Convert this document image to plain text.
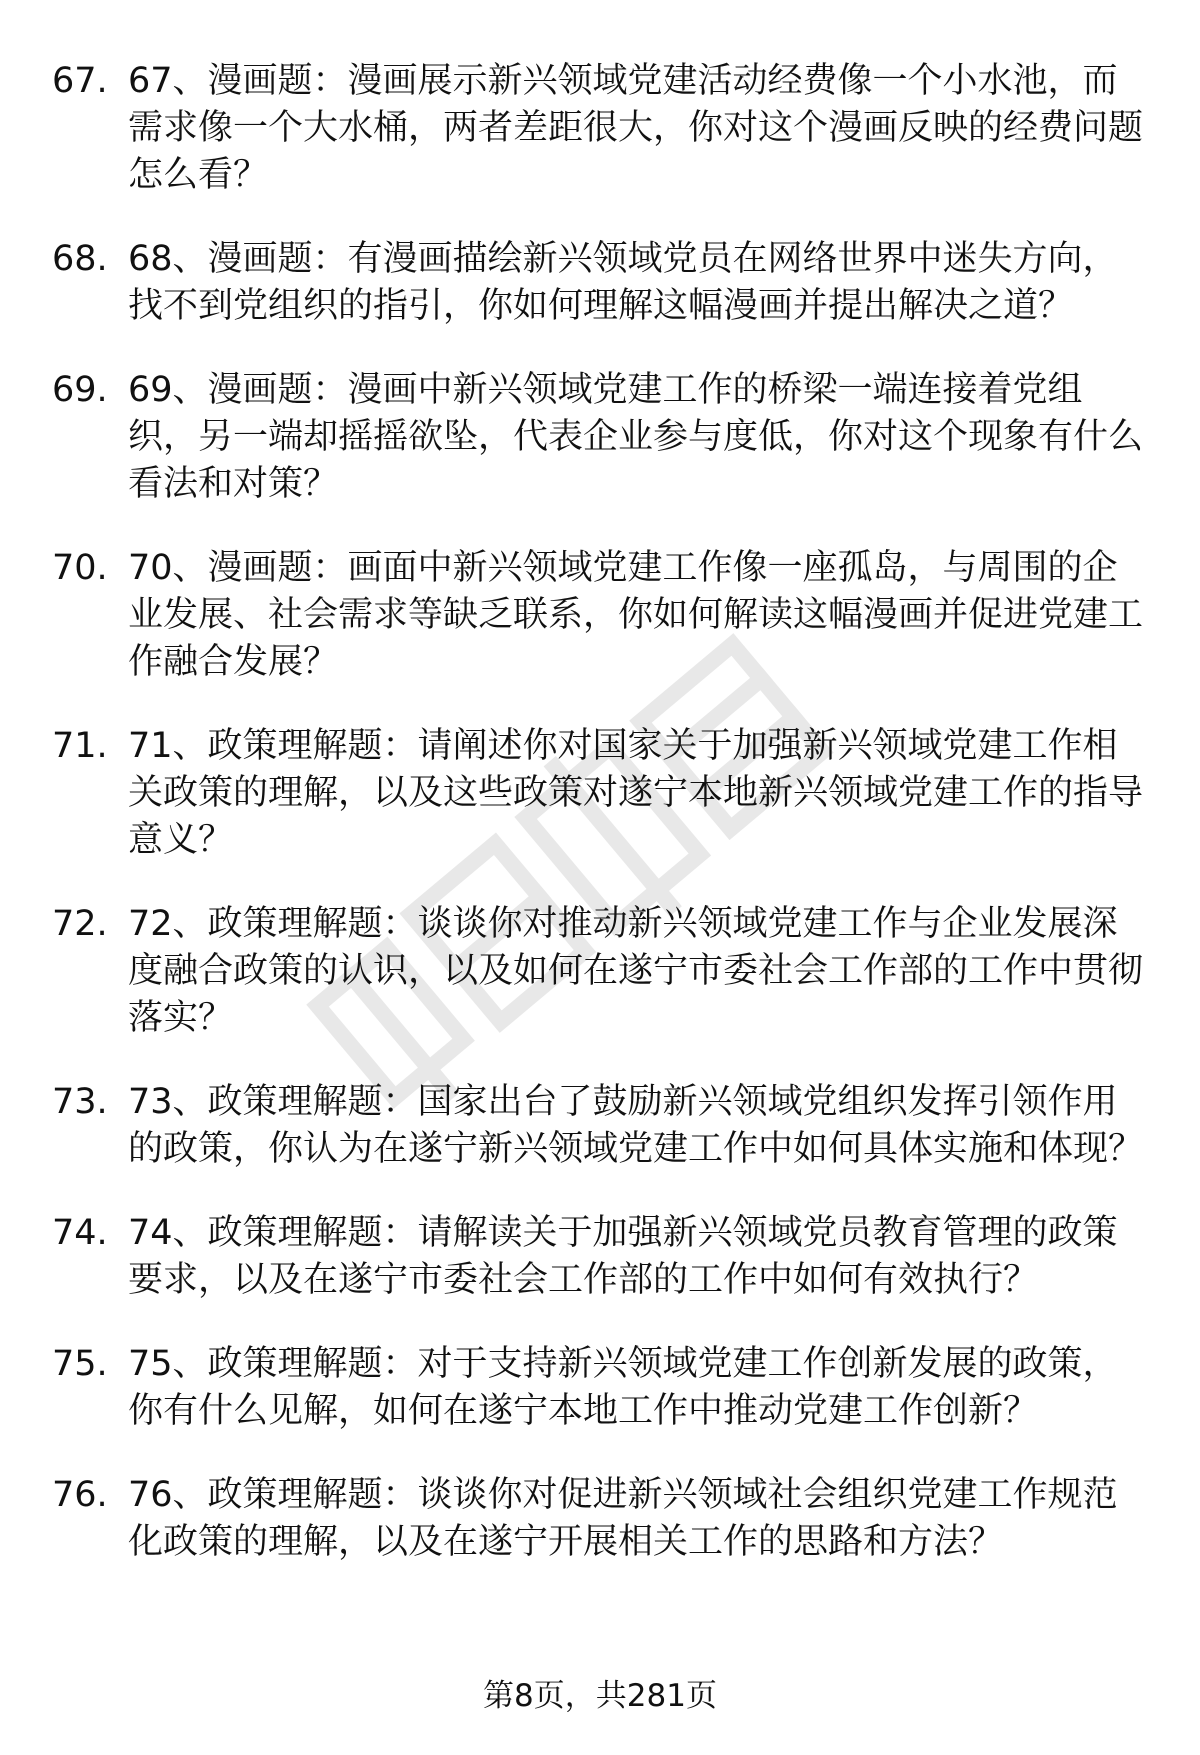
67. 67、漫画题：漫画展示新兴领域党建活动经费像一个小水池，而需求像一个大水桶，两者差距很大，你对这个漫画反映的经费问题怎么看？
68. 68、漫画题：有漫画描绘新兴领域党员在网络世界中迷失方向，找不到党组织的指引，你如何理解这幅漫画并提出解决之道？
69. 69、漫画题：漫画中新兴领域党建工作的桥梁一端连接着党组织，另一端却摇摇欲坠，代表企业参与度低，你对这个现象有什么看法和对策？
70. 70、漫画题：画面中新兴领域党建工作像一座孤岛，与周围的企业发展、社会需求等缺乏联系，你如何解读这幅漫画并促进党建工作融合发展？
71. 71、政策理解题：请阐述你对国家关于加强新兴领域党建工作相关政策的理解，以及这些政策对遂宁本地新兴领域党建工作的指导意义？
72. 72、政策理解题：谈谈你对推动新兴领域党建工作与企业发展深度融合政策的认识，以及如何在遂宁市委社会工作部的工作中贯彻落实？
73. 73、政策理解题：国家出台了鼓励新兴领域党组织发挥引领作用的政策，你认为在遂宁新兴领域党建工作中如何具体实施和体现？
74. 74、政策理解题：请解读关于加强新兴领域党员教育管理的政策要求，以及在遂宁市委社会工作部的工作中如何有效执行？
75. 75、政策理解题：对于支持新兴领域党建工作创新发展的政策，你有什么见解，如何在遂宁本地工作中推动党建工作创新？
76. 76、政策理解题：谈谈你对促进新兴领域社会组织党建工作规范化政策的理解，以及在遂宁开展相关工作的思路和方法？
第8页，共281页
